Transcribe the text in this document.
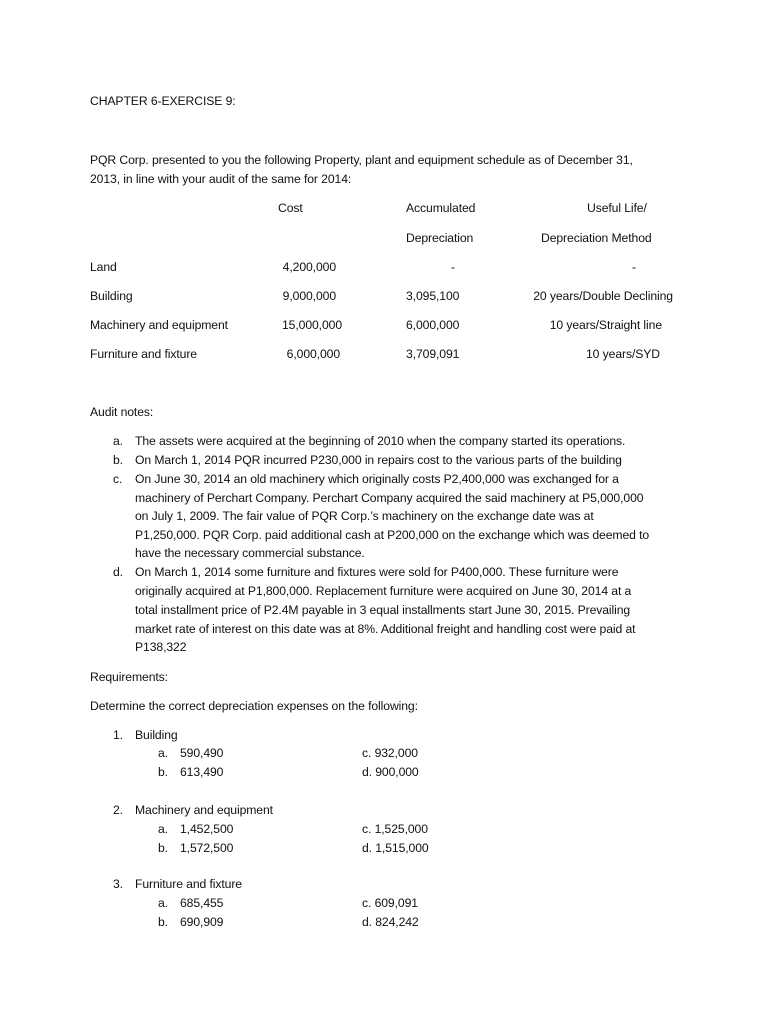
CHAPTER 6-EXERCISE 9:
PQR Corp. presented to you the following Property, plant and equipment schedule as of December 31,
2013, in line with your audit of the same for 2014:
Cost	Accumulated
Depreciation
Useful Life/
Depreciation Method
Land	4,200,000	-	-
Building	9,000,000	3,095,100	20 years/Double Declining
Machinery and equipment	15,000,000	6,000,000	10 years/Straight line
Furniture and fixture	6,000,000	3,709,091	10 years/SYD
Audit notes:
a. The assets were acquired at the beginning of 2010 when the company started its operations.
b. On March 1, 2014 PQR incurred P230,000 in repairs cost to the various parts of the building
c. On June 30, 2014 an old machinery which originally costs P2,400,000 was exchanged for a
machinery of Perchart Company. Perchart Company acquired the said machinery at P5,000,000
on July 1, 2009. The fair value of PQR Corp.’s machinery on the exchange date was at
P1,250,000. PQR Corp. paid additional cash at P200,000 on the exchange which was deemed to
have the necessary commercial substance.
d. On March 1, 2014 some furniture and fixtures were sold for P400,000. These furniture were
originally acquired at P1,800,000. Replacement furniture were acquired on June 30, 2014 at a
total installment price of P2.4M payable in 3 equal installments start June 30, 2015. Prevailing
market rate of interest on this date was at 8%. Additional freight and handling cost were paid at
P138,322
Requirements:
Determine the correct depreciation expenses on the following:
1. Building
a. 590,490	c. 932,000
b. 613,490	d. 900,000
2. Machinery and equipment
a. 1,452,500	c. 1,525,000
b. 1,572,500	d. 1,515,000
3. Furniture and fixture
a. 685,455	c. 609,091
b. 690,909	d. 824,242
